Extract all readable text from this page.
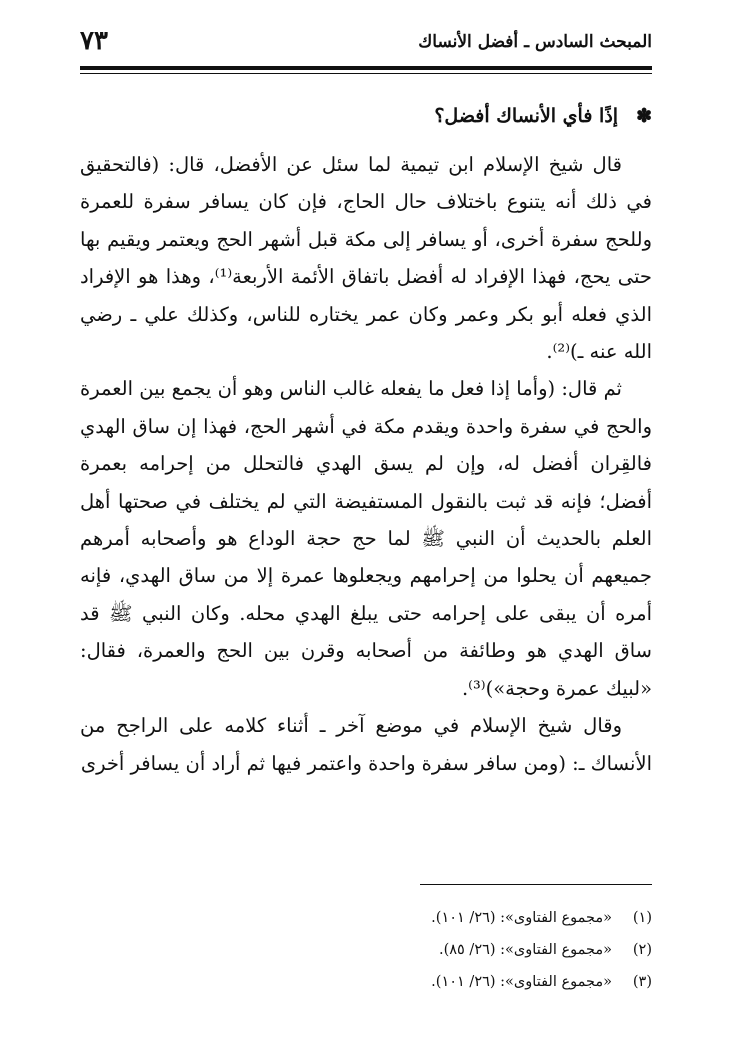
المبحث السادس ـ أفضل الأنساك
٧٣
✽إذًا فأي الأنساك أفضل؟

قال شيخ الإسلام ابن تيمية لما سئل عن الأفضل، قال: (فالتحقيق في ذلك أنه يتنوع باختلاف حال الحاج، فإن كان يسافر سفرة للعمرة وللحج سفرة أخرى، أو يسافر إلى مكة قبل أشهر الحج ويعتمر ويقيم بها حتى يحج، فهذا الإفراد له أفضل باتفاق الأئمة الأربعة⁽¹⁾، وهذا هو الإفراد الذي فعله أبو بكر وعمر وكان عمر يختاره للناس، وكذلك علي ـ رضي الله عنه ـ)⁽²⁾.

ثم قال: (وأما إذا فعل ما يفعله غالب الناس وهو أن يجمع بين العمرة والحج في سفرة واحدة ويقدم مكة في أشهر الحج، فهذا إن ساق الهدي فالقِران أفضل له، وإن لم يسق الهدي فالتحلل من إحرامه بعمرة أفضل؛ فإنه قد ثبت بالنقول المستفيضة التي لم يختلف في صحتها أهل العلم بالحديث أن النبي ﷺ لما حج حجة الوداع هو وأصحابه أمرهم جميعهم أن يحلوا من إحرامهم ويجعلوها عمرة إلا من ساق الهدي، فإنه أمره أن يبقى على إحرامه حتى يبلغ الهدي محله. وكان النبي ﷺ قد ساق الهدي هو وطائفة من أصحابه وقرن بين الحج والعمرة، فقال: «لبيك عمرة وحجة»)⁽³⁾.

وقال شيخ الإسلام في موضع آخر ـ أثناء كلامه على الراجح من الأنساك ـ: (ومن سافر سفرة واحدة واعتمر فيها ثم أراد أن يسافر أخرى

(١)«مجموع الفتاوى»: (٢٦/ ١٠١).
(٢)«مجموع الفتاوى»: (٢٦/ ٨٥).
(٣)«مجموع الفتاوى»: (٢٦/ ١٠١).
